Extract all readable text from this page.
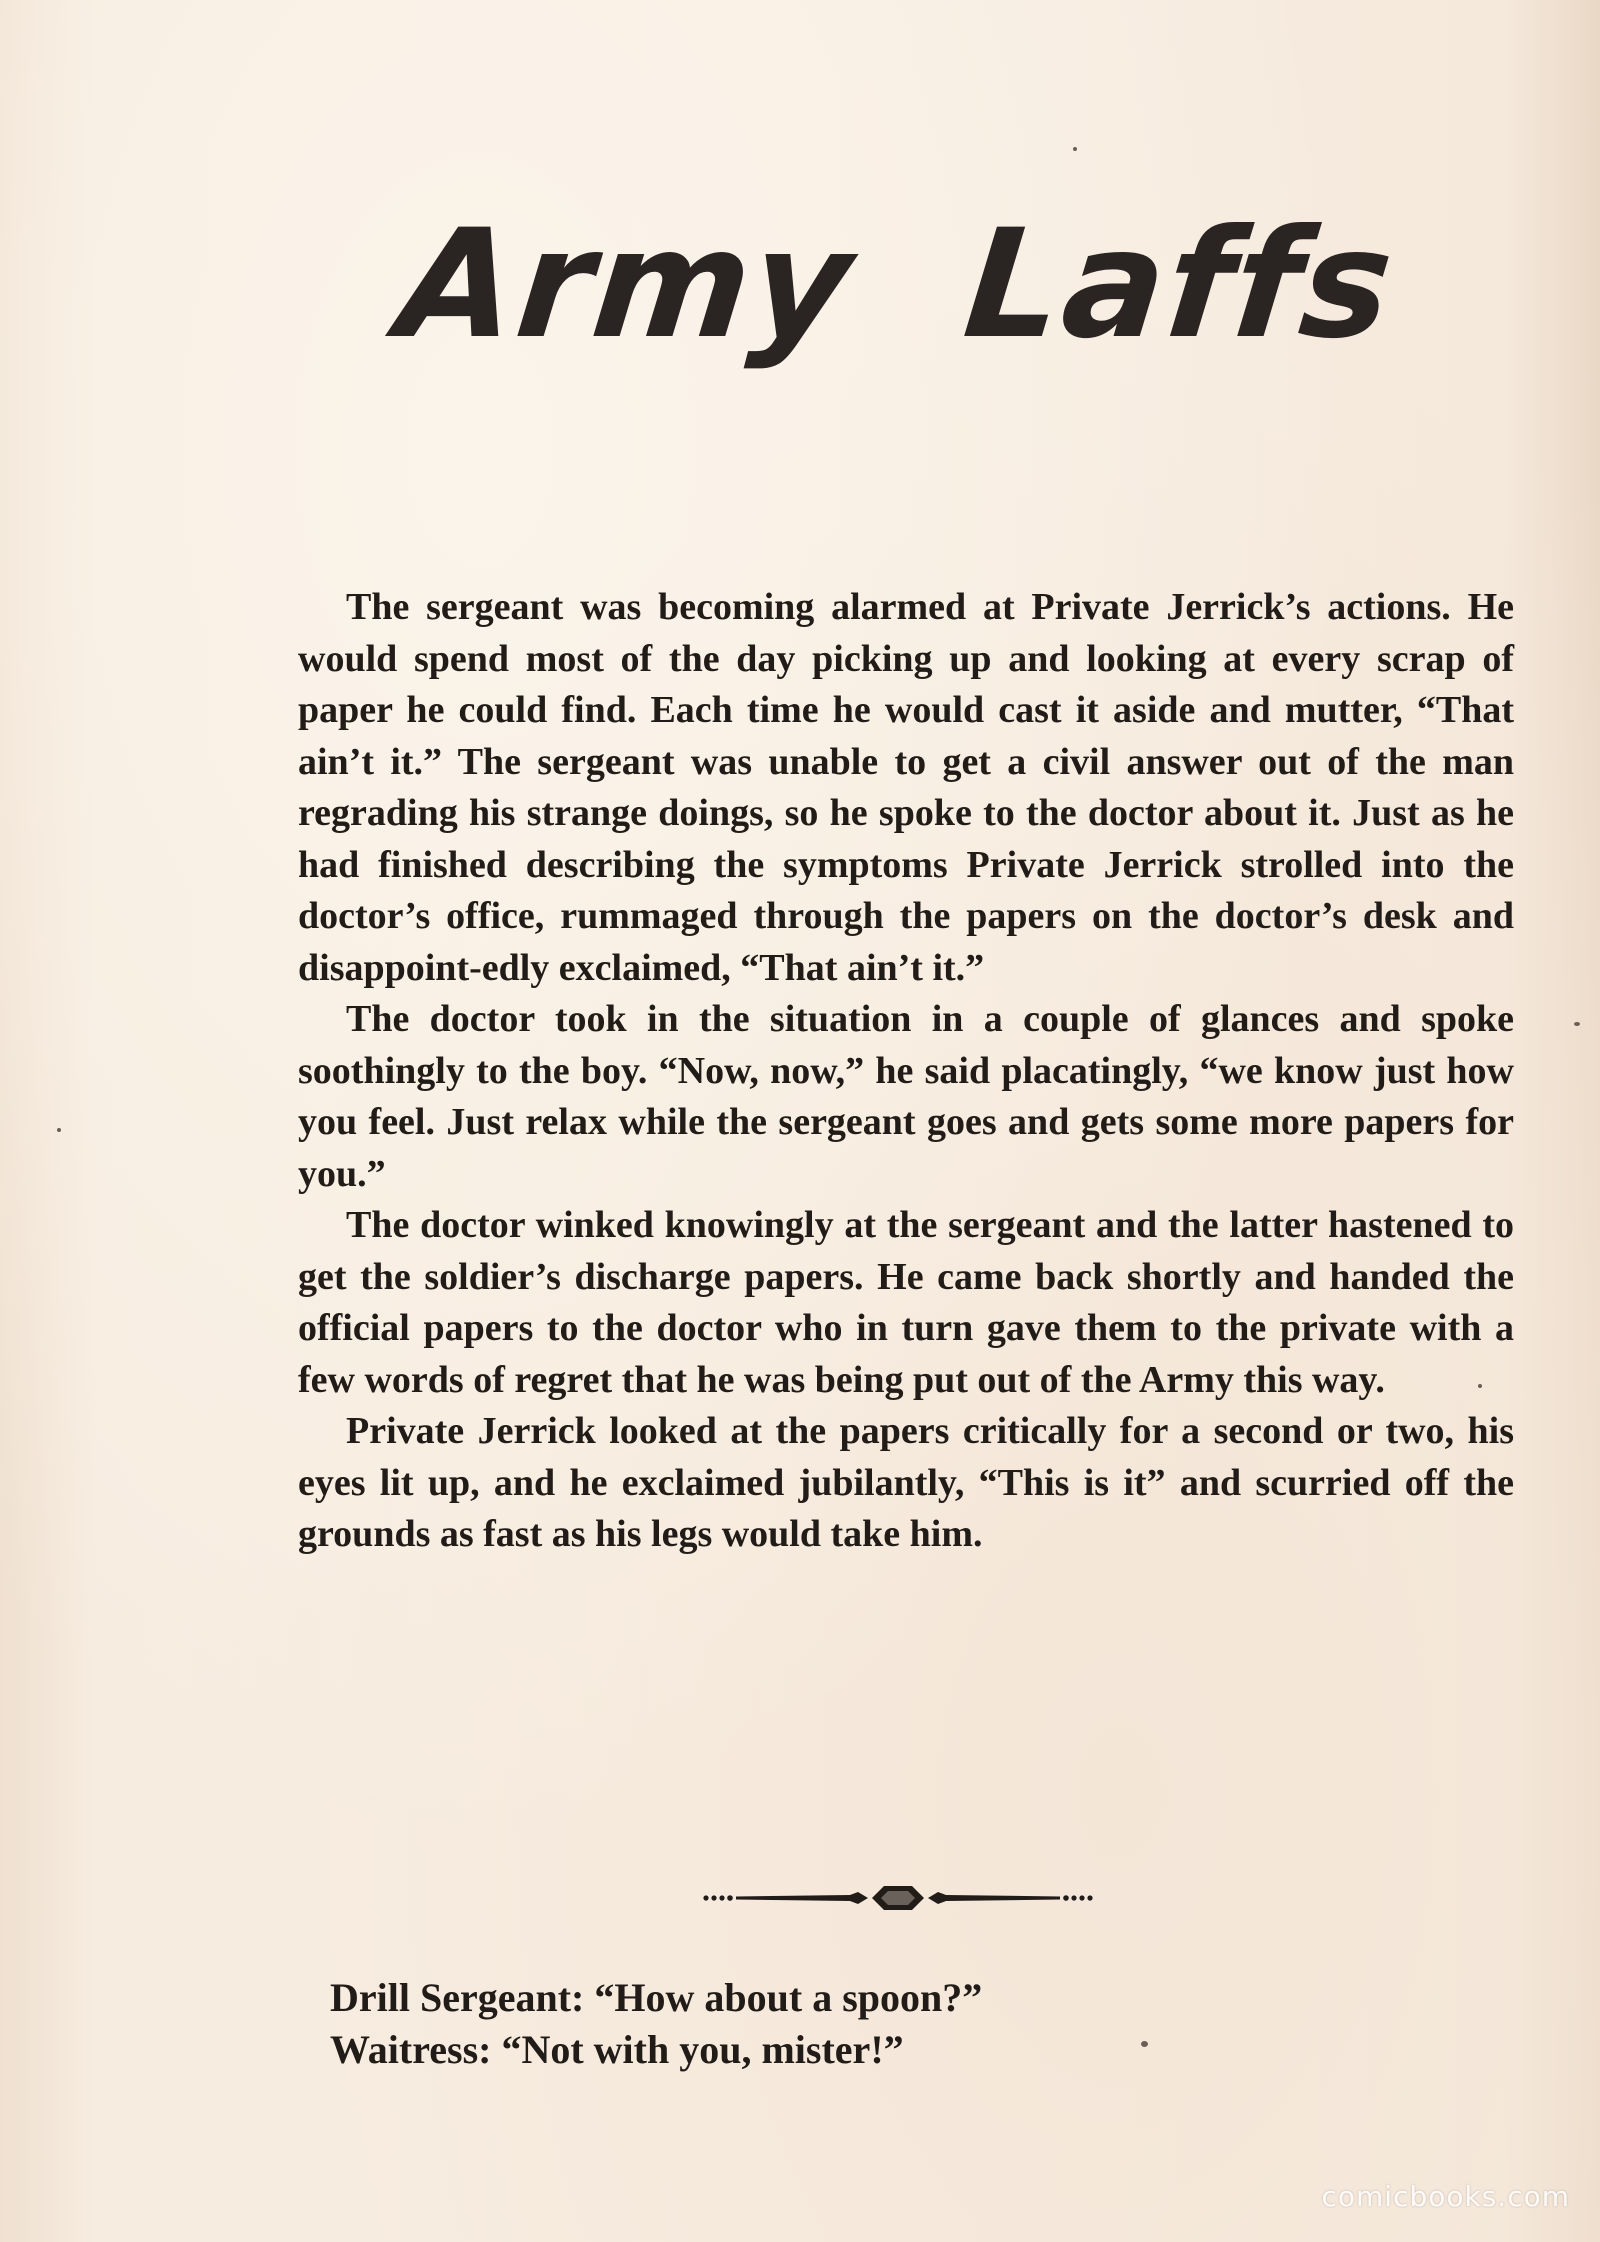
Army Laffs

The sergeant was becoming alarmed at Private Jerrick’s actions. He would spend most of the day picking up and looking at every scrap of paper he could find. Each time he would cast it aside and mutter, “That ain’t it.” The sergeant was unable to get a civil answer out of the man regrading his strange doings, so he spoke to the doctor about it. Just as he had finished describing the symptoms Private Jerrick strolled into the doctor’s office, rummaged through the papers on the doctor’s desk and disappoint-edly exclaimed, “That ain’t it.”

The doctor took in the situation in a couple of glances and spoke soothingly to the boy. “Now, now,” he said placatingly, “we know just how you feel. Just relax while the sergeant goes and gets some more papers for you.”

The doctor winked knowingly at the sergeant and the latter hastened to get the soldier’s discharge papers. He came back shortly and handed the official papers to the doctor who in turn gave them to the private with a few words of regret that he was being put out of the Army this way.

Private Jerrick looked at the papers critically for a second or two, his eyes lit up, and he exclaimed jubilantly, “This is it” and scurried off the grounds as fast as his legs would take him.

Drill Sergeant: “How about a spoon?”

Waitress: “Not with you, mister!”

comicbooks.com
